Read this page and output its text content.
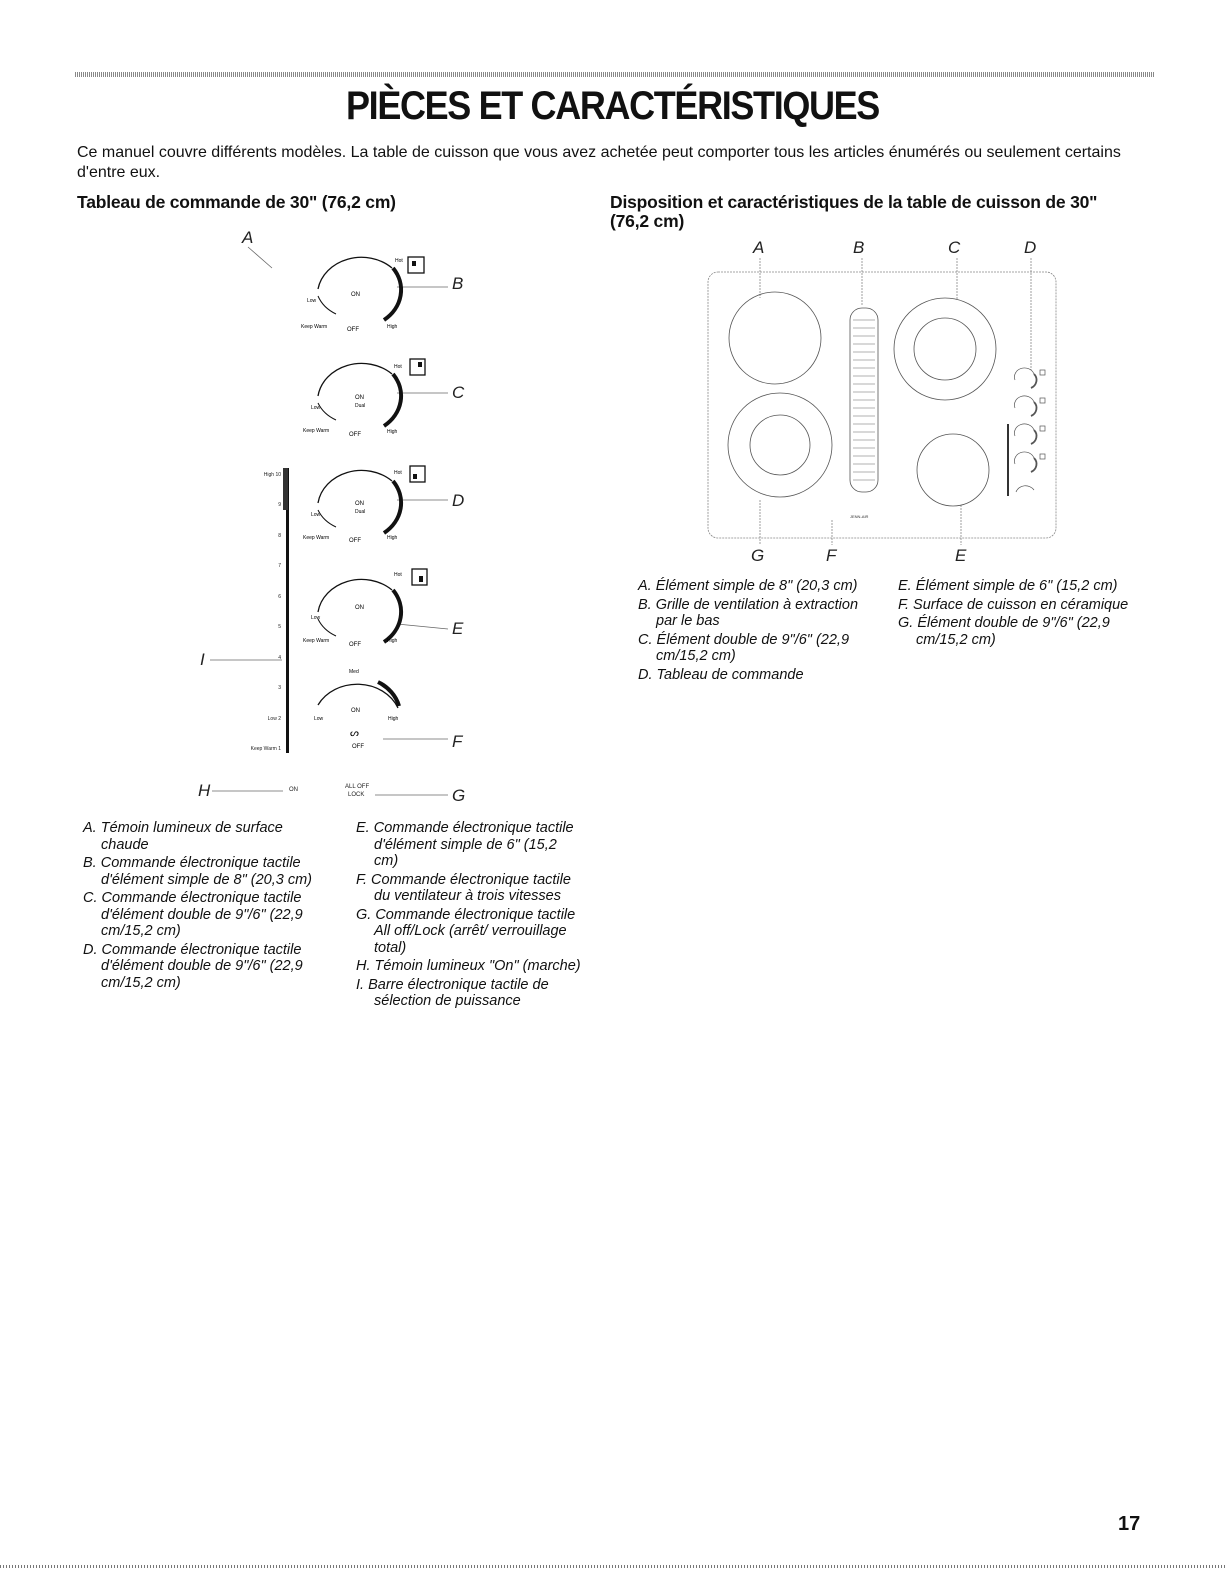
PIÈCES ET CARACTÉRISTIQUES
Ce manuel couvre différents modèles. La table de cuisson que vous avez achetée peut comporter tous les articles énumérés ou seulement certains d'entre eux.
Tableau de commande de 30" (76,2 cm)	Disposition et caractéristiques de la table de cuisson de 30" (76,2 cm)
A
B
C
D
E
F
G
H
I
ON
Low
Keep Warm	OFF	High
Hot
ON
Dual
Low
Keep Warm
OFF	High
Hot
ON
Dual
Low
Keep Warm	OFF	High
Hot
ON
Low
Keep Warm
OFF
High
Hot
Med
ON
Low	High
OFF
ᔕ
High 10
9
8
7
6
5
4
3
Low 2
Keep Warm 1
ON	ALL OFF
LOCK
A	B	C	D
G	F	E
JENN-AIR
A. Élément simple de 8" (20,3 cm)
B. Grille de ventilation à extraction par le bas
C. Élément double de 9"/6" (22,9 cm/15,2 cm)
D. Tableau de commande
E. Élément simple de 6" (15,2 cm)
F. Surface de cuisson en céramique
G. Élément double de 9"/6" (22,9 cm/15,2 cm)
A. Témoin lumineux de surface chaude
B. Commande électronique tactile d'élément simple de 8" (20,3 cm)
C. Commande électronique tactile d'élément double de 9"/6" (22,9 cm/15,2 cm)
D. Commande électronique tactile d'élément double de 9"/6" (22,9 cm/15,2 cm)
E. Commande électronique tactile d'élément simple de 6" (15,2 cm)
F. Commande électronique tactile du ventilateur à trois vitesses
G. Commande électronique tactile All off/Lock (arrêt/ verrouillage total)
H. Témoin lumineux "On" (marche)
I. Barre électronique tactile de sélection de puissance
17
